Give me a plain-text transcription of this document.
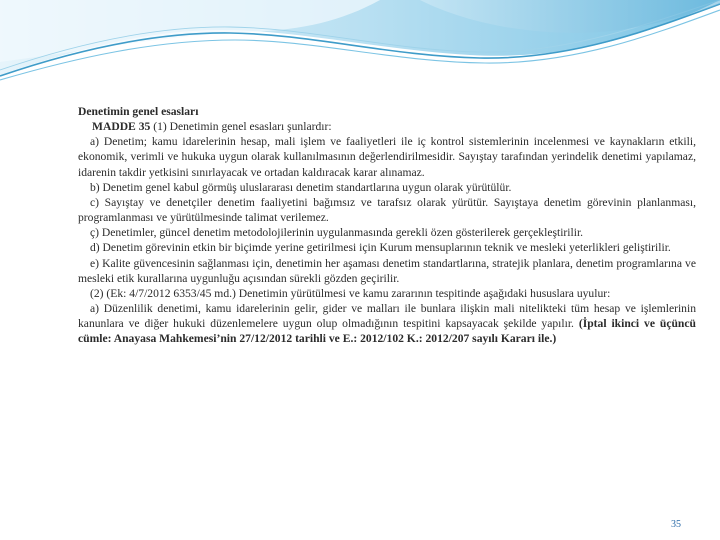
Denetimin genel esasları

MADDE 35 (1) Denetimin genel esasları şunlardır:

a) Denetim; kamu idarelerinin hesap, mali işlem ve faaliyetleri ile iç kontrol sistemlerinin incelenmesi ve kaynakların etkili, ekonomik, verimli ve hukuka uygun olarak kullanılmasının değerlendirilmesidir. Sayıştay tarafından yerindelik denetimi yapılamaz, idarenin takdir yetkisini sınırlayacak ve ortadan kaldıracak karar alınamaz.

b) Denetim genel kabul görmüş uluslararası denetim standartlarına uygun olarak yürütülür.

c) Sayıştay ve denetçiler denetim faaliyetini bağımsız ve tarafsız olarak yürütür. Sayıştaya denetim görevinin planlanması, programlanması ve yürütülmesinde talimat verilemez.

ç) Denetimler, güncel denetim metodolojilerinin uygulanmasında gerekli özen gösterilerek gerçekleştirilir.

d) Denetim görevinin etkin bir biçimde yerine getirilmesi için Kurum mensuplarının teknik ve mesleki yeterlikleri geliştirilir.

e) Kalite güvencesinin sağlanması için, denetimin her aşaması denetim standartlarına, stratejik planlara, denetim programlarına ve mesleki etik kurallarına uygunluğu açısından sürekli gözden geçirilir.

(2) (Ek: 4/7/2012 6353/45 md.) Denetimin yürütülmesi ve kamu zararının tespitinde aşağıdaki hususlara uyulur:

a) Düzenlilik denetimi, kamu idarelerinin gelir, gider ve malları ile bunlara ilişkin mali nitelikteki tüm hesap ve işlemlerinin kanunlara ve diğer hukuki düzenlemelere uygun olup olmadığının tespitini kapsayacak şekilde yapılır. (İptal ikinci ve üçüncü cümle: Anayasa Mahkemesi’nin 27/12/2012 tarihli ve E.: 2012/102 K.: 2012/207 sayılı Kararı ile.)

35
